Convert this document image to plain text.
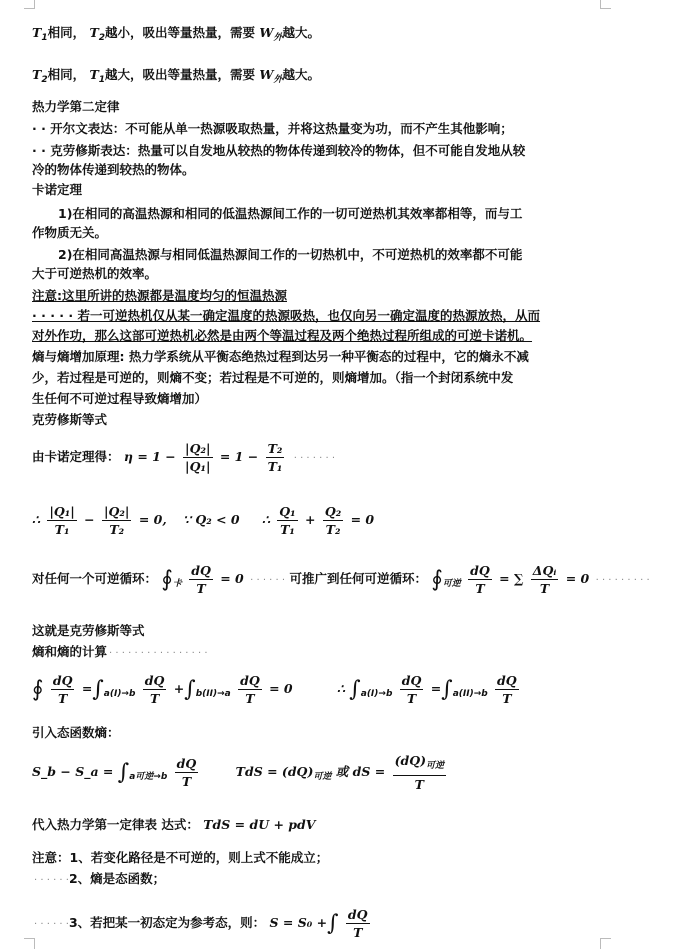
$T_1$相同， $T_2$越小，吸出等量热量，需要 $W_外$越大。
$T_2$相同， $T_1$越大，吸出等量热量，需要 $W_外$越大。
热力学第二定律
· · 开尔文表达：不可能从单一热源吸取热量，并将这热量变为功，而不产生其他影响；
· · 克劳修斯表达：热量可以自发地从较热的物体传递到较冷的物体，但不可能自发地从较
冷的物体传递到较热的物体。
卡诺定理
1)在相同的高温热源和相同的低温热源间工作的一切可逆热机其效率都相等，而与工
作物质无关。
2)在相同高温热源与相同低温热源间工作的一切热机中，不可逆热机的效率都不可能
大于可逆热机的效率。
注意:这里所讲的热源都是温度均匀的恒温热源
· · · · · 若一可逆热机仅从某一确定温度的热源吸热，也仅向另一确定温度的热源放热，从而
对外作功，那么这部可逆热机必然是由两个等温过程及两个绝热过程所组成的可逆卡诺机。
熵与熵增加原理: 热力学系统从平衡态绝热过程到达另一种平衡态的过程中，它的熵永不减
少，若过程是可逆的，则熵不变；若过程是不可逆的，则熵增加。（指一个封闭系统中发
生任何不可逆过程导致熵增加）
克劳修斯等式
由卡诺定理得： $\eta = 1 - \frac{\text{|Q₂|}}{\text{|Q₁|}} = 1 - \frac{\text{T₂}}{\text{T₁}}$ · · · · · · ·
∴ $\frac{\text{|Q₁|}}{\text{T₁}} - \frac{\text{|Q₂|}}{\text{T₂}} = 0$, ∵ Q₂ < 0 ∴ $\frac{\text{Q₁}}{\text{T₁}} + \frac{\text{Q₂}}{\text{T₂}} = 0$
对任何一个可逆循环： $∮_卡 \frac{dQ}{T} = 0$ · · · · · · 可推广到任何可逆循环： $∮_{可逆} \frac{dQ}{T}$ = ∑ $\frac{\text{ΔQᵢ}}{T} = 0$ · · · · · · · · ·
这就是克劳修斯等式
熵和熵的计算 · · · · · · · · · · · · · · · ·
∮ $\frac{dQ}{T} =\int_{a(I)\to b} \frac{dQ}{T} +\int_{b(II)\to a} \frac{dQ}{T} = 0$	∴ $\int_{a(I)\to b} \frac{dQ}{T} =\int_{a(II)\to b} \frac{dQ}{T}$
引入态函数熵：
S_b − S_a = $\int_{a可逆\to b} \frac{dQ}{T}$	TdS = $(dQ)_{可逆}$ 或 dS = $\frac{(dQ)_{可逆}}{T}$
代入热力学第一定律表 达式： TdS = dU + pdV
注意：1、若变化路径是不可逆的，则上式不能成立；
· · · · · ·2、熵是态函数；
· · · · · ·3、若把某一初态定为参考态，则： S = S₀ +∫ $\frac{dQ}{T}$
